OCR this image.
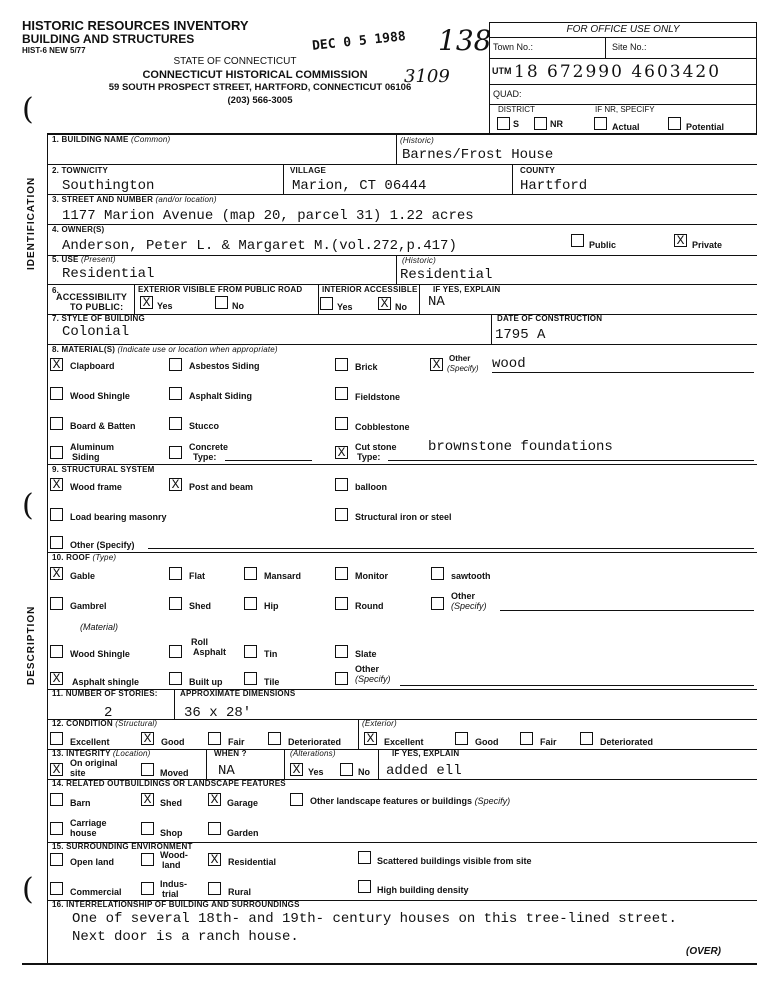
HISTORIC RESOURCES INVENTORY
BUILDING AND STRUCTURES
HIST-6 NEW 5/77
STATE OF CONNECTICUT
CONNECTICUT HISTORICAL COMMISSION
59 SOUTH PROSPECT STREET, HARTFORD, CONNECTICUT 06106
(203) 566-3005
DEC 0 5 1988 138
3109
(
FOR OFFICE USE ONLY
Town No.:	Site No.:
UTM 18 672990 4603420
QUAD:
DISTRICT	IF NR, SPECIFY
S	NR	Actual	Potential
IDENTIFICATION
DESCRIPTION
1. BUILDING NAME (Common)	(Historic)
Barnes/Frost House
2. TOWN/CITY
Southington
VILLAGE
Marion, CT 06444
COUNTY
Hartford
3. STREET AND NUMBER (and/or location)
1177 Marion Avenue (map 20, parcel 31) 1.22 acres
4. OWNER(S)
Anderson, Peter L. & Margaret M.(vol.272,p.417)	Public	X Private
5. USE (Present)
Residential
(Historic)
Residential
6.
ACCESSIBILITY
TO PUBLIC:
EXTERIOR VISIBLE FROM PUBLIC ROAD
X Yes	No
INTERIOR ACCESSIBLE
Yes X No
IF YES, EXPLAIN
NA
7. STYLE OF BUILDING
Colonial
DATE OF CONSTRUCTION
1795 A
8. MATERIAL(S) (Indicate use or location when appropriate)
X Clapboard	Asbestos Siding	Brick	X	Other
(Specify) wood
Wood Shingle	Asphalt Siding	Fieldstone
Board & Batten	Stucco	Cobblestone
Aluminum
Siding
Concrete
Type:	X Cut stone
Type:
brownstone foundations
9. STRUCTURAL SYSTEM
X Wood frame	X Post and beam	balloon
Load bearing masonry	Structural iron or steel
(
Other (Specify)
10. ROOF (Type)
X Gable	Flat	Mansard	Monitor	sawtooth
Gambrel	Shed	Hip	Round
Other
(Specify)
(Material)
Wood Shingle
Roll
Asphalt	Tin	Slate
X Asphalt shingle	Built up	Tile
Other
(Specify)
11. NUMBER OF STORIES:
2
APPROXIMATE DIMENSIONS
36 x 28'
12. CONDITION (Structural)	(Exterior)
Excellent	X Good	Fair	Deteriorated X Excellent	Good	Fair	Deteriorated
13. INTEGRITY (Location)	WHEN ?	(Alterations)	IF YES, EXPLAIN
X On original
site	Moved NA	X Yes	No added ell
14. RELATED OUTBUILDINGS OR LANDSCAPE FEATURES
Barn	X Shed X Garage	Other landscape features or buildings (Specify)
Carriage
house	Shop	Garden
15. SURROUNDING ENVIRONMENT
Open land
Wood-
land X Residential	Scattered buildings visible from site
Commercial
Indus-
trial	Rural	High building density
( 16. INTERRELATIONSHIP OF BUILDING AND SURROUNDINGS
One of several 18th- and 19th- century houses on this tree-lined street.
Next door is a ranch house.
(OVER)
